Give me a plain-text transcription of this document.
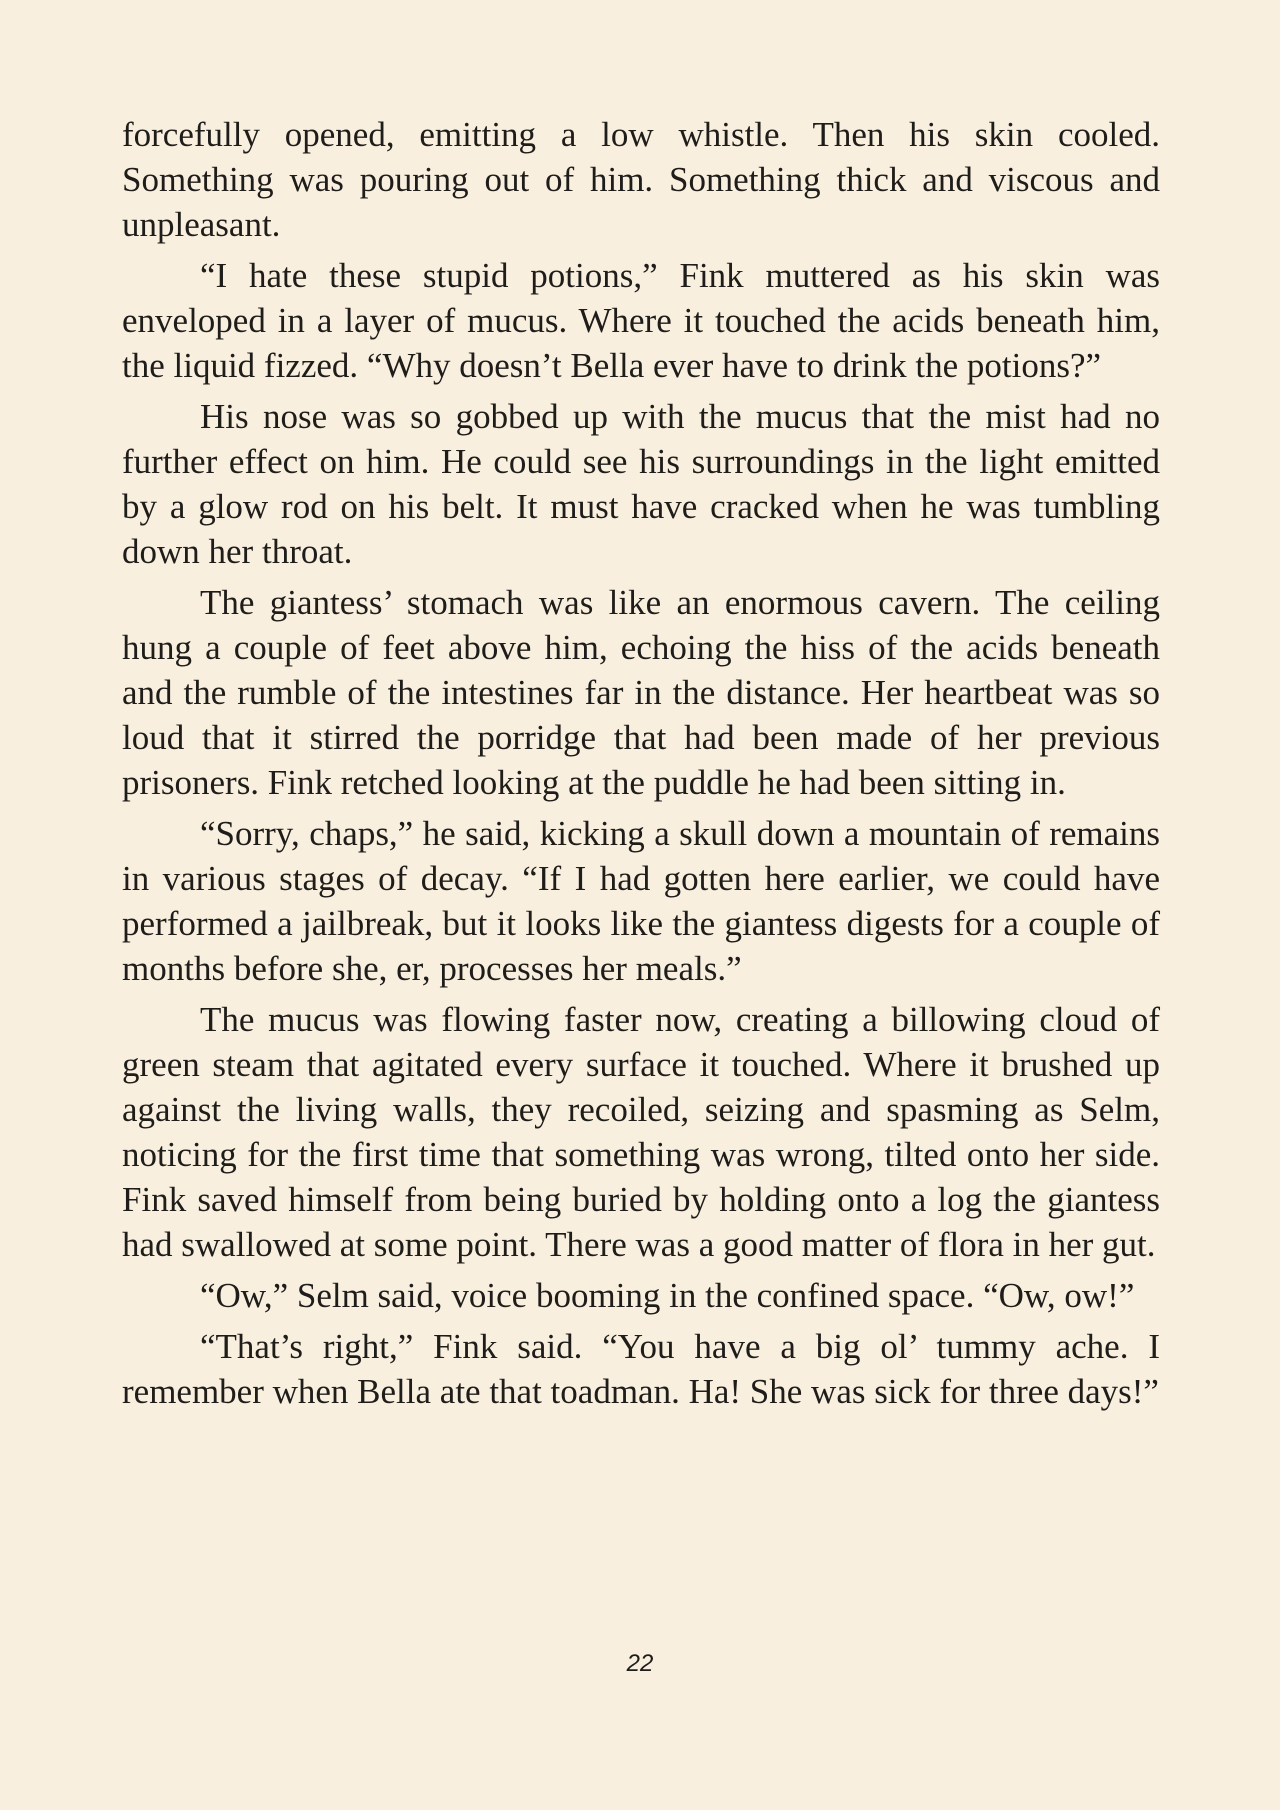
forcefully opened, emitting a low whistle. Then his skin cooled. Something was pouring out of him. Something thick and viscous and unpleasant.

“I hate these stupid potions,” Fink muttered as his skin was enveloped in a layer of mucus. Where it touched the acids beneath him, the liquid fizzed. “Why doesn’t Bella ever have to drink the potions?”

His nose was so gobbed up with the mucus that the mist had no further effect on him. He could see his surroundings in the light emitted by a glow rod on his belt. It must have cracked when he was tumbling down her throat.

The giantess’ stomach was like an enormous cavern. The ceiling hung a couple of feet above him, echoing the hiss of the acids beneath and the rumble of the intestines far in the distance. Her heartbeat was so loud that it stirred the porridge that had been made of her previous prisoners. Fink retched looking at the puddle he had been sitting in.

“Sorry, chaps,” he said, kicking a skull down a mountain of remains in various stages of decay. “If I had gotten here earlier, we could have performed a jailbreak, but it looks like the giantess digests for a couple of months before she, er, processes her meals.”

The mucus was flowing faster now, creating a billowing cloud of green steam that agitated every surface it touched. Where it brushed up against the living walls, they recoiled, seizing and spasming as Selm, noticing for the first time that something was wrong, tilted onto her side. Fink saved himself from being buried by holding onto a log the giantess had swallowed at some point. There was a good matter of flora in her gut.

“Ow,” Selm said, voice booming in the confined space. “Ow, ow!”

“That’s right,” Fink said. “You have a big ol’ tummy ache. I remember when Bella ate that toadman. Ha! She was sick for three days!”

22
